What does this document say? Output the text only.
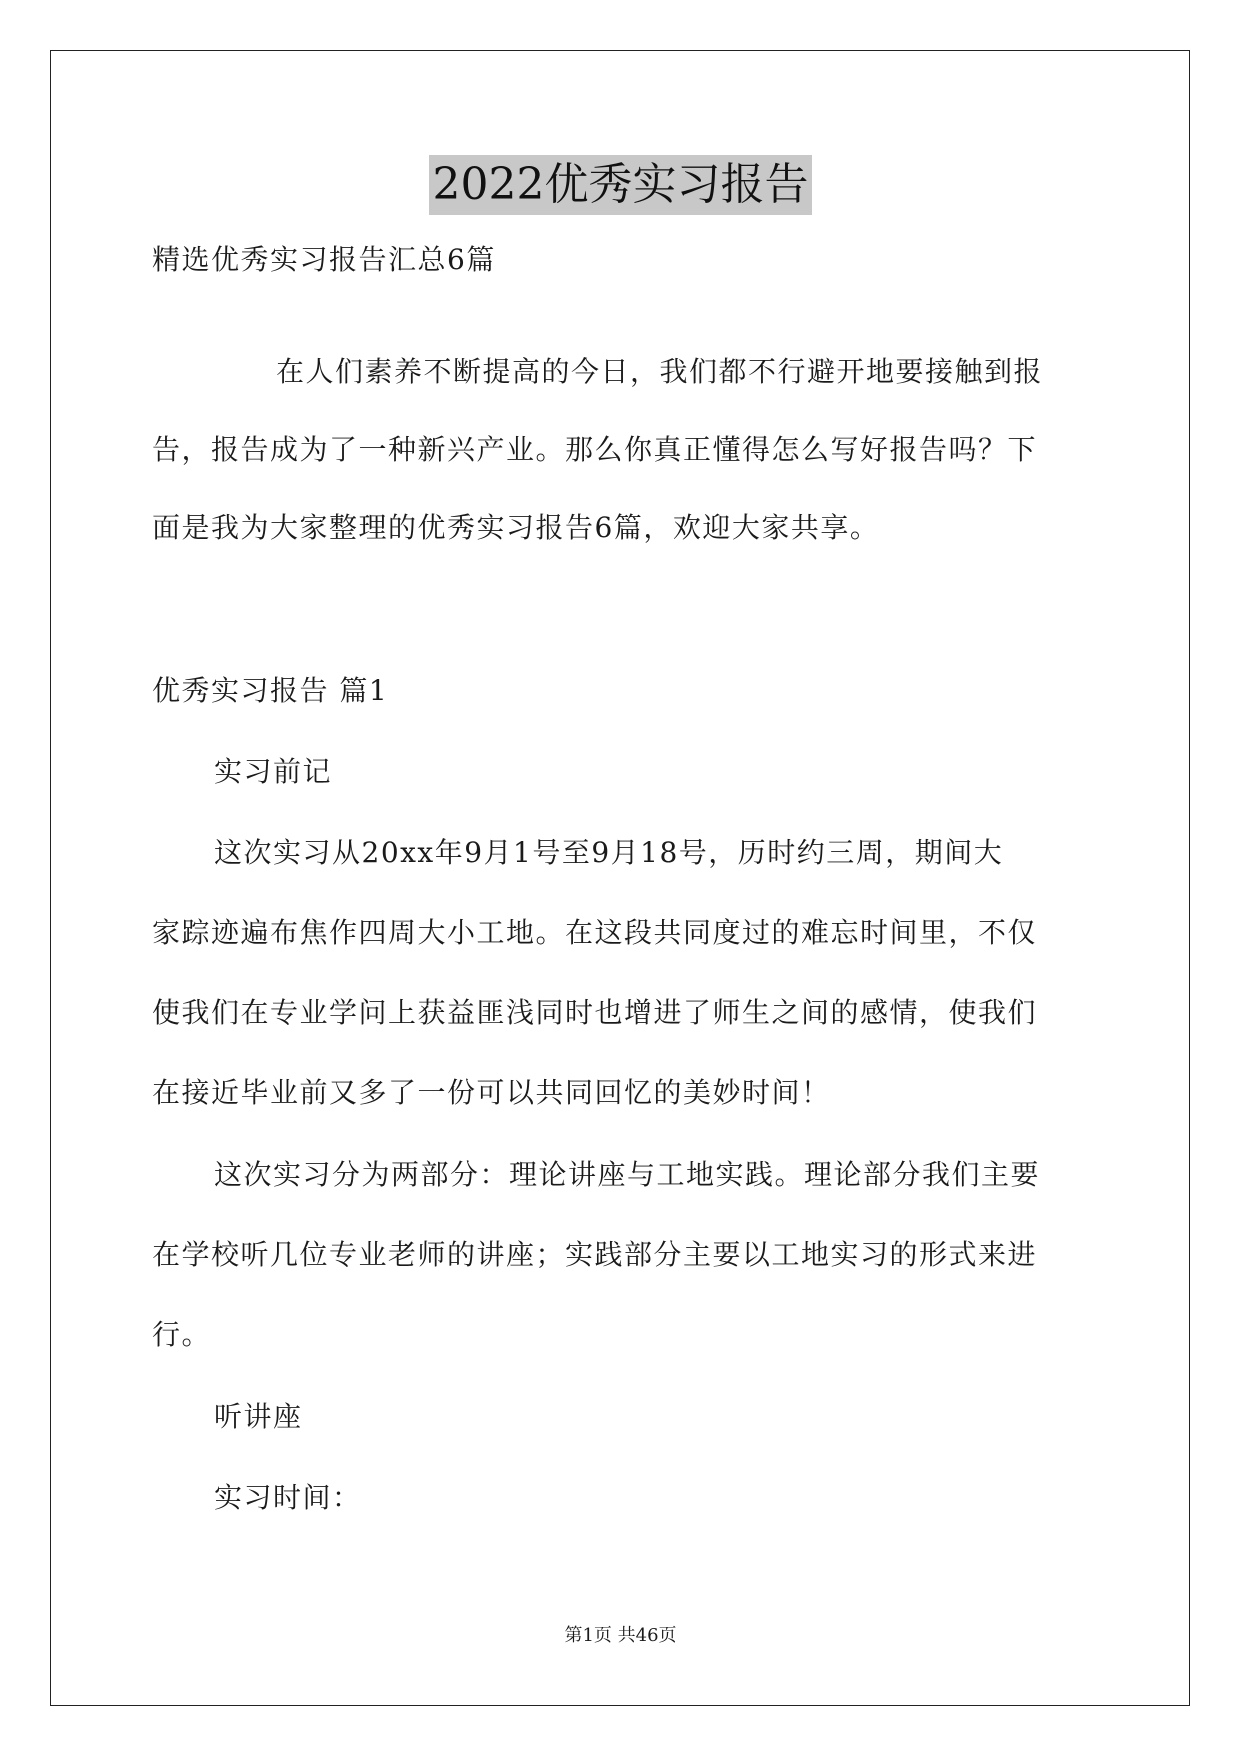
2022优秀实习报告

精选优秀实习报告汇总6篇

在人们素养不断提高的今日，我们都不行避开地要接触到报

告，报告成为了一种新兴产业。那么你真正懂得怎么写好报告吗？下

面是我为大家整理的优秀实习报告6篇，欢迎大家共享。

优秀实习报告 篇1

实习前记

这次实习从20xx年9月1号至9月18号，历时约三周，期间大

家踪迹遍布焦作四周大小工地。在这段共同度过的难忘时间里，不仅

使我们在专业学问上获益匪浅同时也增进了师生之间的感情，使我们

在接近毕业前又多了一份可以共同回忆的美妙时间！

这次实习分为两部分：理论讲座与工地实践。理论部分我们主要

在学校听几位专业老师的讲座；实践部分主要以工地实习的形式来进

行。

听讲座

实习时间：

第1页 共46页
